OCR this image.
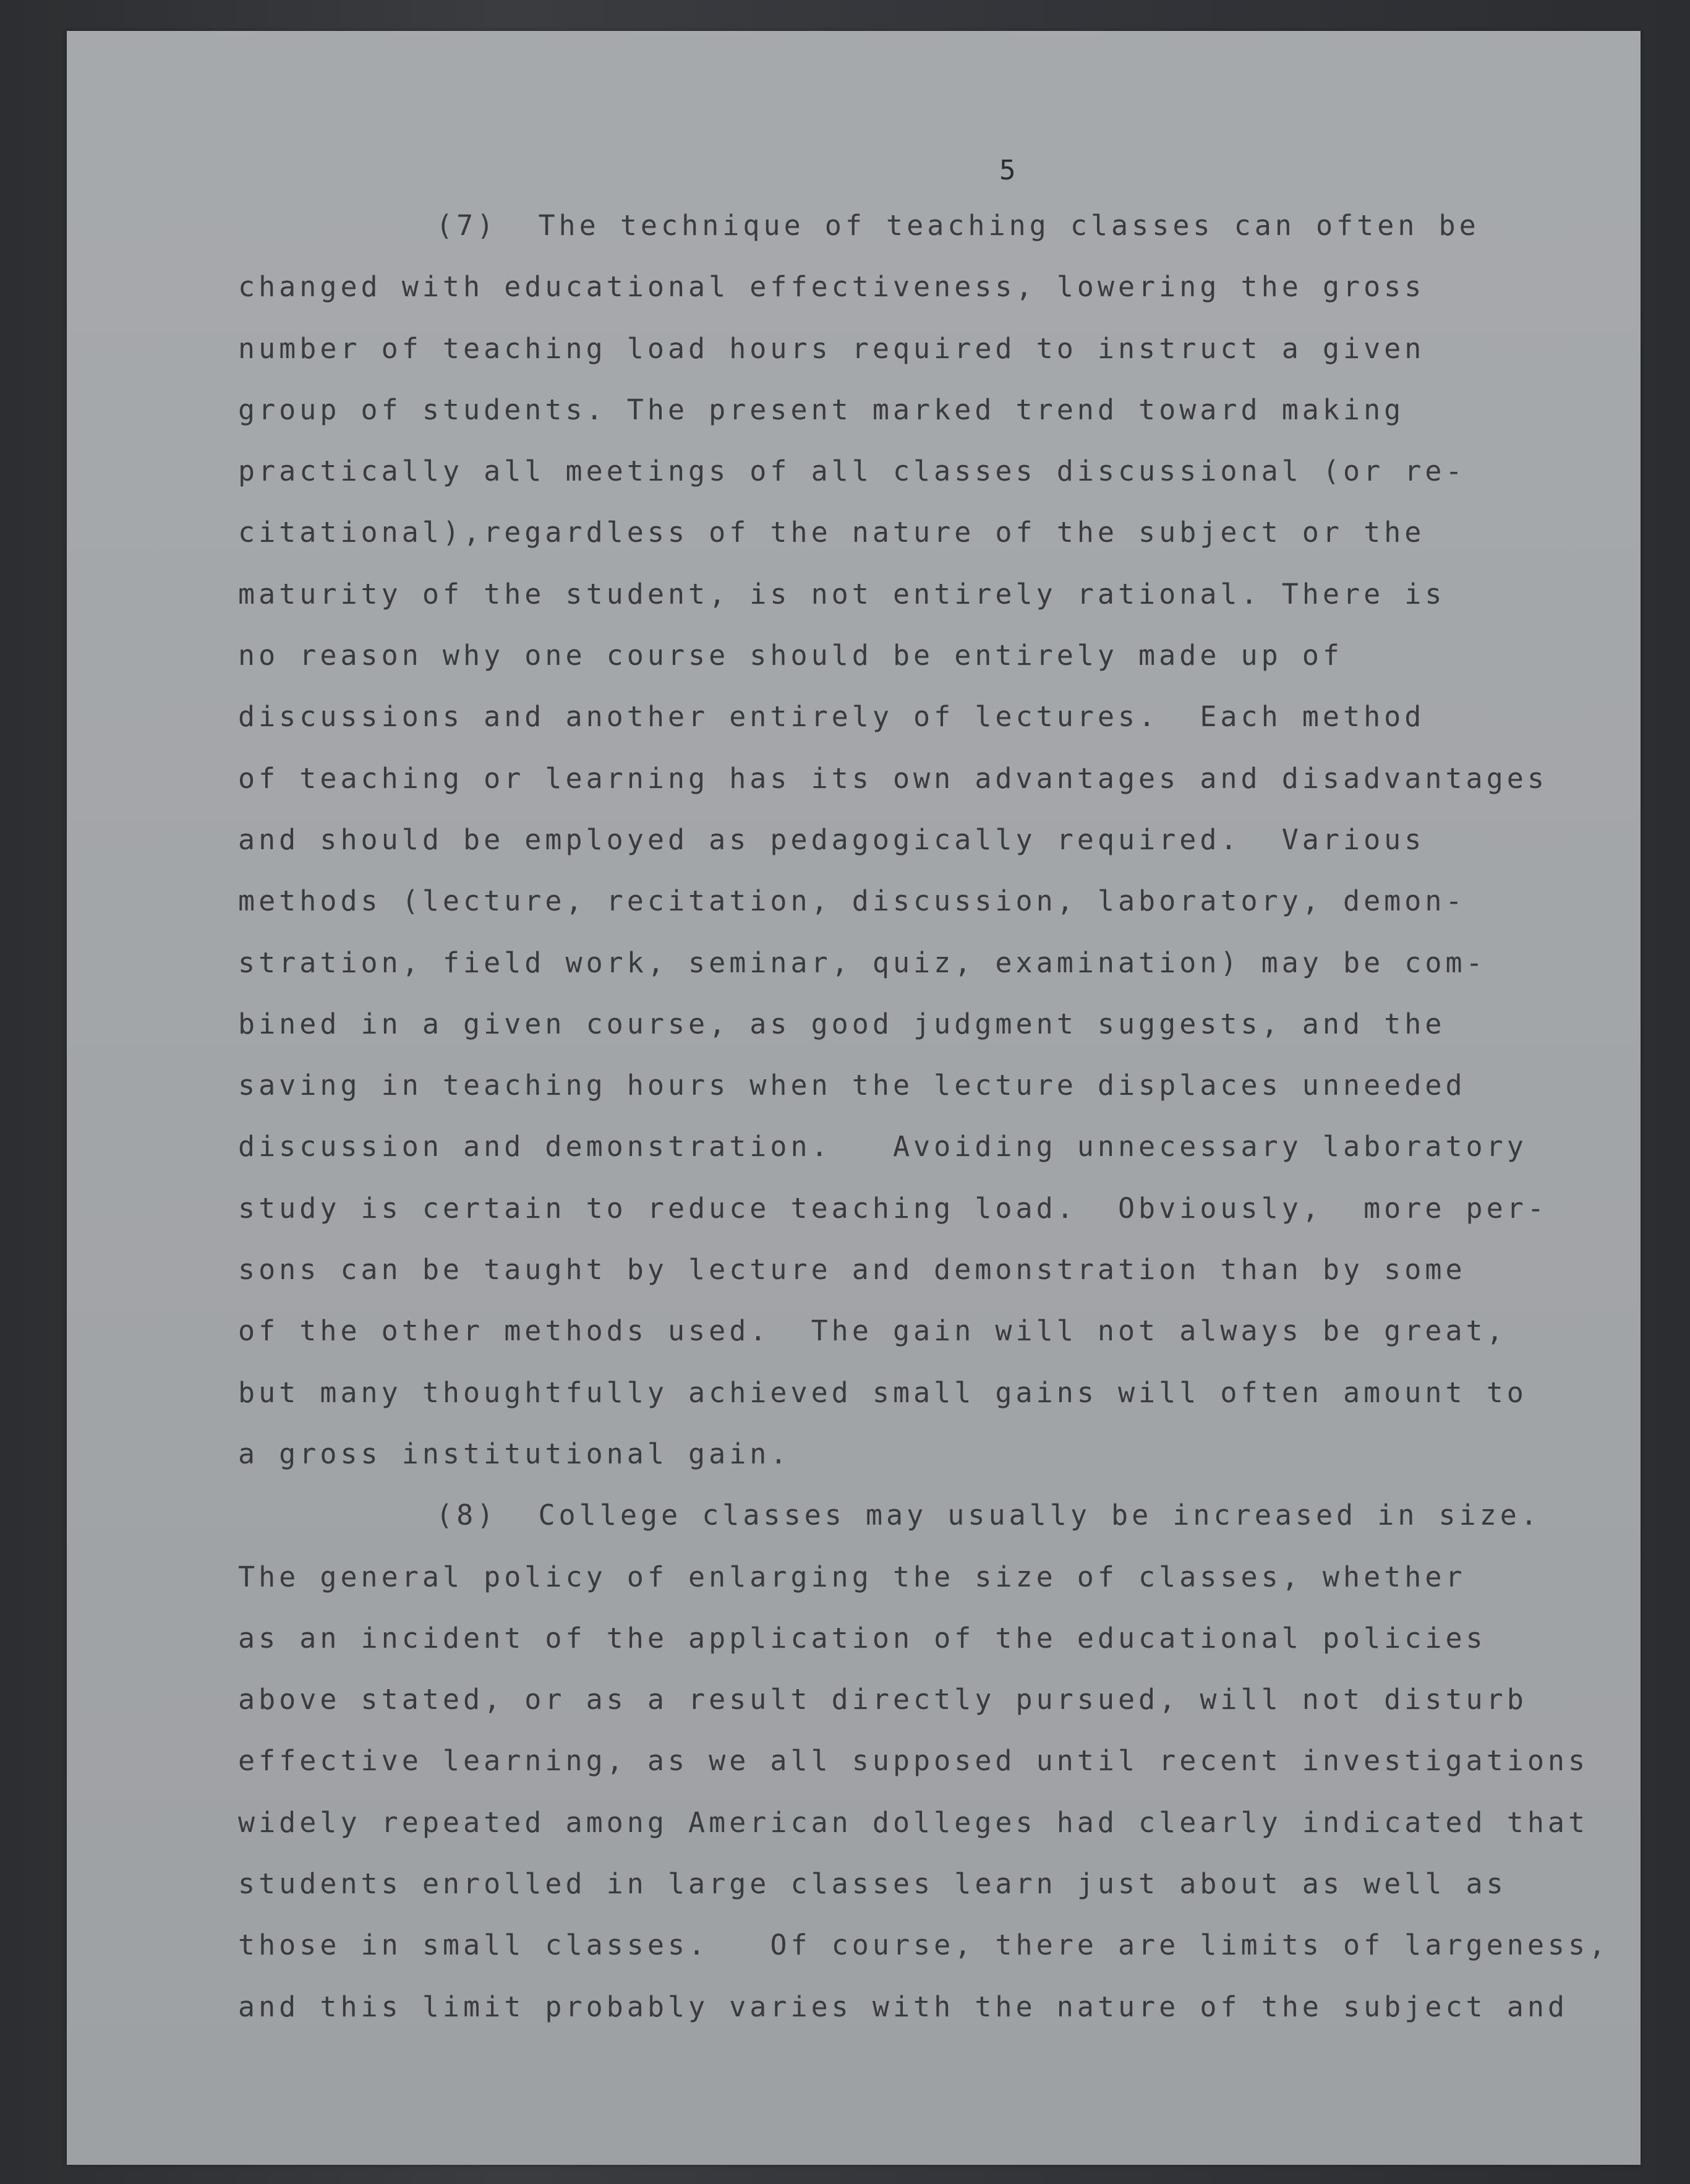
5

(7)  The technique of teaching classes can often be
changed with educational effectiveness, lowering the gross
number of teaching load hours required to instruct a given
group of students. The present marked trend toward making
practically all meetings of all classes discussional (or re-
citational),regardless of the nature of the subject or the
maturity of the student, is not entirely rational. There is
no reason why one course should be entirely made up of
discussions and another entirely of lectures.  Each method
of teaching or learning has its own advantages and disadvantages
and should be employed as pedagogically required.  Various
methods (lecture, recitation, discussion, laboratory, demon-
stration, field work, seminar, quiz, examination) may be com-
bined in a given course, as good judgment suggests, and the
saving in teaching hours when the lecture displaces unneeded
discussion and demonstration.   Avoiding unnecessary laboratory
study is certain to reduce teaching load.  Obviously,  more per-
sons can be taught by lecture and demonstration than by some
of the other methods used.  The gain will not always be great,
but many thoughtfully achieved small gains will often amount to
a gross institutional gain.

(8)  College classes may usually be increased in size.
The general policy of enlarging the size of classes, whether
as an incident of the application of the educational policies
above stated, or as a result directly pursued, will not disturb
effective learning, as we all supposed until recent investigations
widely repeated among American dolleges had clearly indicated that
students enrolled in large classes learn just about as well as
those in small classes.   Of course, there are limits of largeness,
and this limit probably varies with the nature of the subject and
